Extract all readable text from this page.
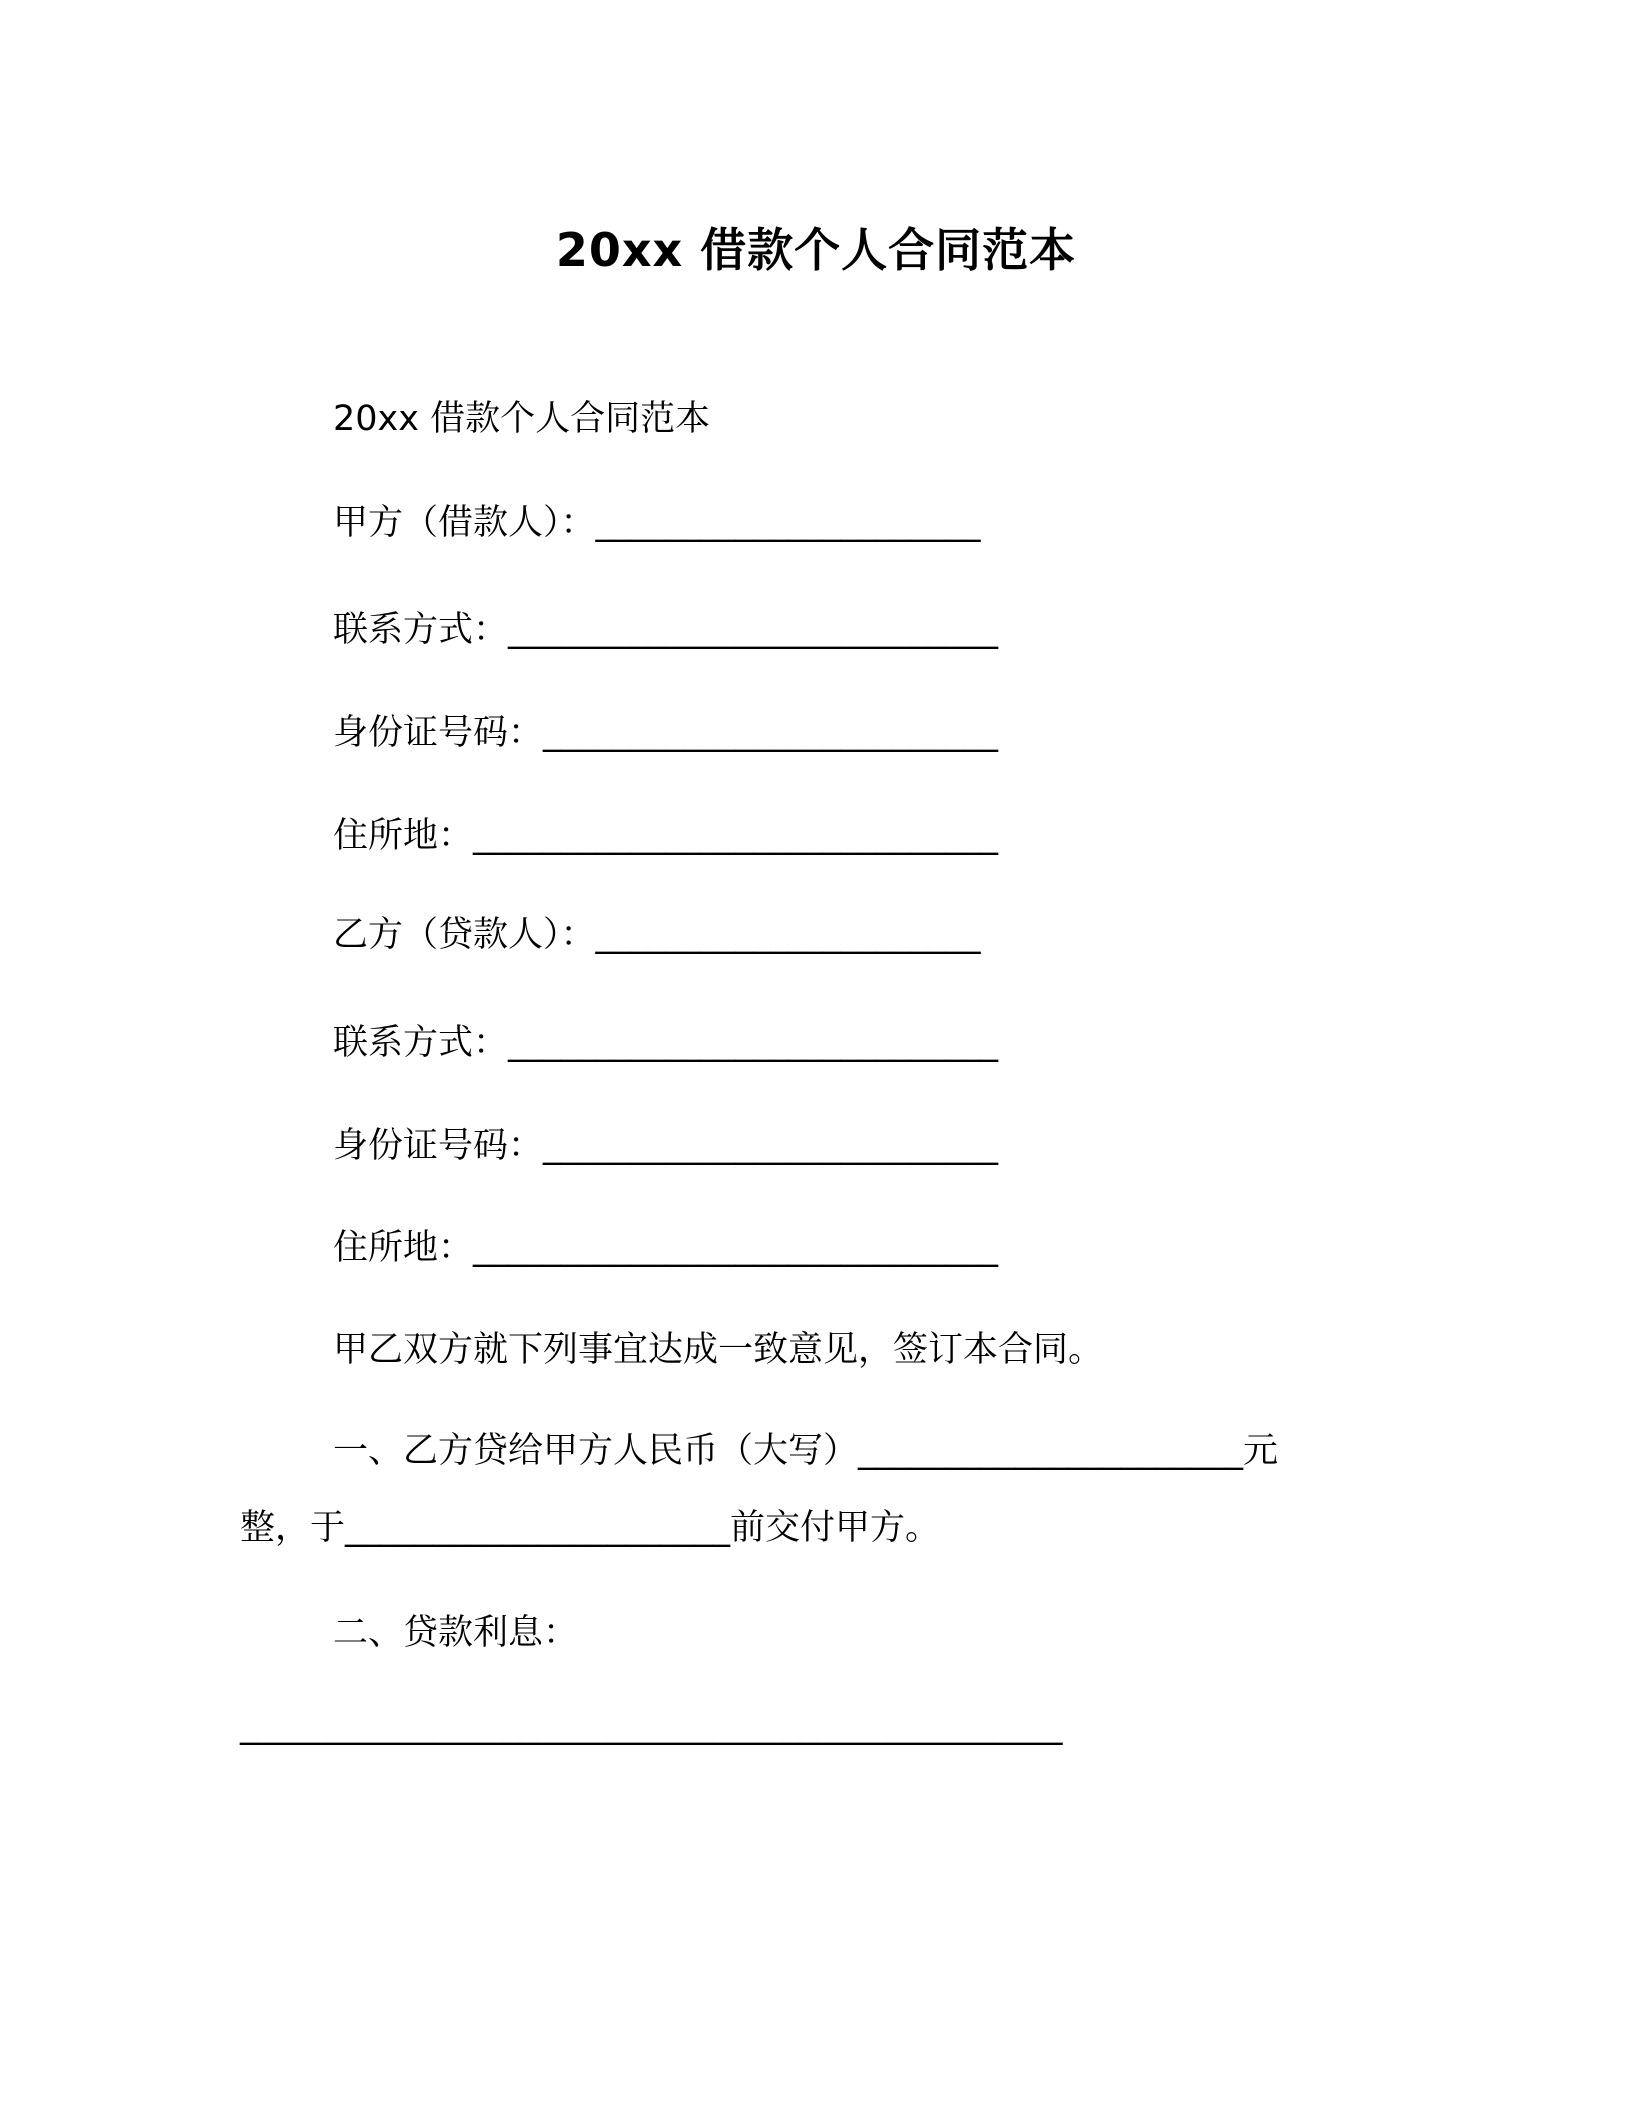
20xx 借款个人合同范本
20xx 借款个人合同范本
甲方（借款人）：______________________
联系方式：____________________________
身份证号码：__________________________
住所地：______________________________
乙方（贷款人）：______________________
联系方式：____________________________
身份证号码：__________________________
住所地：______________________________
甲乙双方就下列事宜达成一致意见，签订本合同。
一、乙方贷给甲方人民币（大写）______________________元
整，于______________________前交付甲方。
二、贷款利息：
_______________________________________________
